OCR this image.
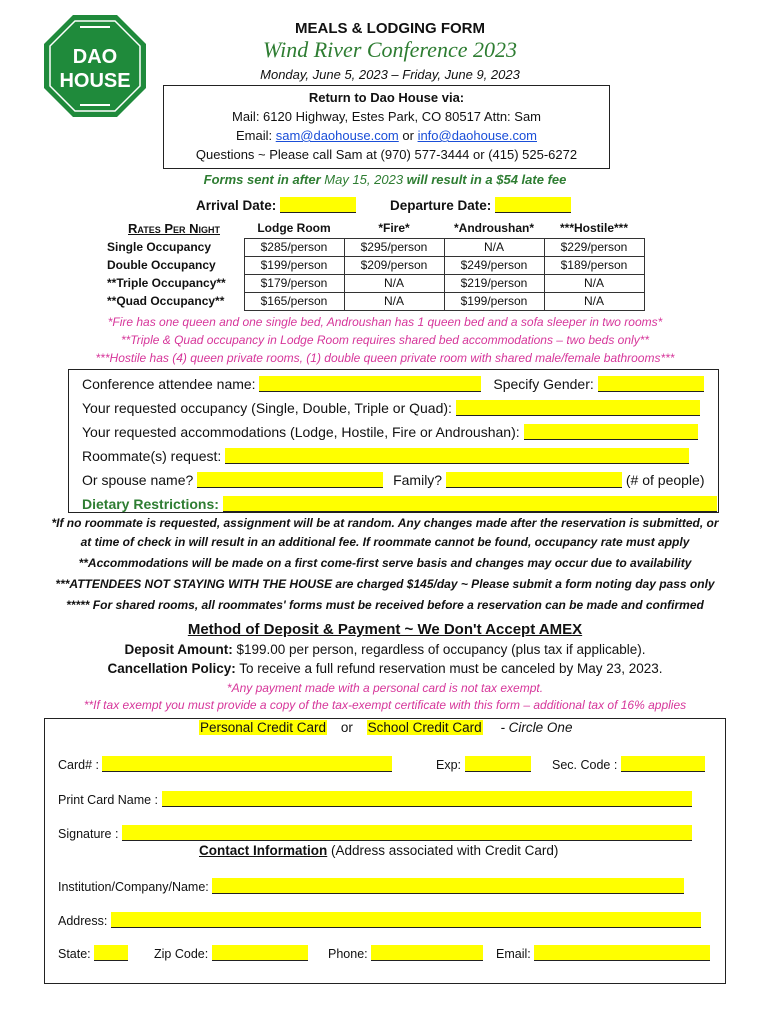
DAO
HOUSE
MEALS & LODGING FORM
Wind River Conference 2023
Monday, June 5, 2023 – Friday, June 9, 2023
Return to Dao House via:
Mail: 6120 Highway, Estes Park, CO 80517 Attn: Sam
Email: sam@daohouse.com or info@daohouse.com
Questions ~ Please call Sam at (970) 577-3444 or (415) 525-6272
Forms sent in after May 15, 2023 will result in a $54 late fee
Arrival Date:	Departure Date:
Rates Per Night	Lodge Room	*Fire*	*Androushan*	***Hostile***
Single Occupancy	$285/person	$295/person	N/A	$229/person
Double Occupancy	$199/person	$209/person	$249/person	$189/person
**Triple Occupancy**	$179/person	N/A	$219/person	N/A
**Quad Occupancy**	$165/person	N/A	$199/person	N/A
*Fire has one queen and one single bed, Androushan has 1 queen bed and a sofa sleeper in two rooms*
**Triple & Quad occupancy in Lodge Room requires shared bed accommodations – two beds only**
***Hostile has (4) queen private rooms, (1) double queen private room with shared male/female bathrooms***
Conference attendee name:	Specify Gender:
Your requested occupancy (Single, Double, Triple or Quad):
Your requested accommodations (Lodge, Hostile, Fire or Androushan):
Roommate(s) request:
Or spouse name?	Family?	(# of people)
Dietary Restrictions:
*If no roommate is requested, assignment will be at random. Any changes made after the reservation is submitted, or
at time of check in will result in an additional fee. If roommate cannot be found, occupancy rate must apply
**Accommodations will be made on a first come-first serve basis and changes may occur due to availability
***ATTENDEES NOT STAYING WITH THE HOUSE are charged $145/day ~ Please submit a form noting day pass only
***** For shared rooms, all roommates' forms must be received before a reservation can be made and confirmed
Method of Deposit & Payment ~ We Don't Accept AMEX
Deposit Amount: $199.00 per person, regardless of occupancy (plus tax if applicable).
Cancellation Policy: To receive a full refund reservation must be canceled by May 23, 2023.
*Any payment made with a personal card is not tax exempt.
**If tax exempt you must provide a copy of the tax-exempt certificate with this form – additional tax of 16% applies
Personal Credit Card or School Credit Card - Circle One
Card# :	Exp:	Sec. Code :
Print Card Name :
Signature :
Contact Information (Address associated with Credit Card)
Institution/Company/Name:
Address:
State:	Zip Code:	Phone:	Email:
